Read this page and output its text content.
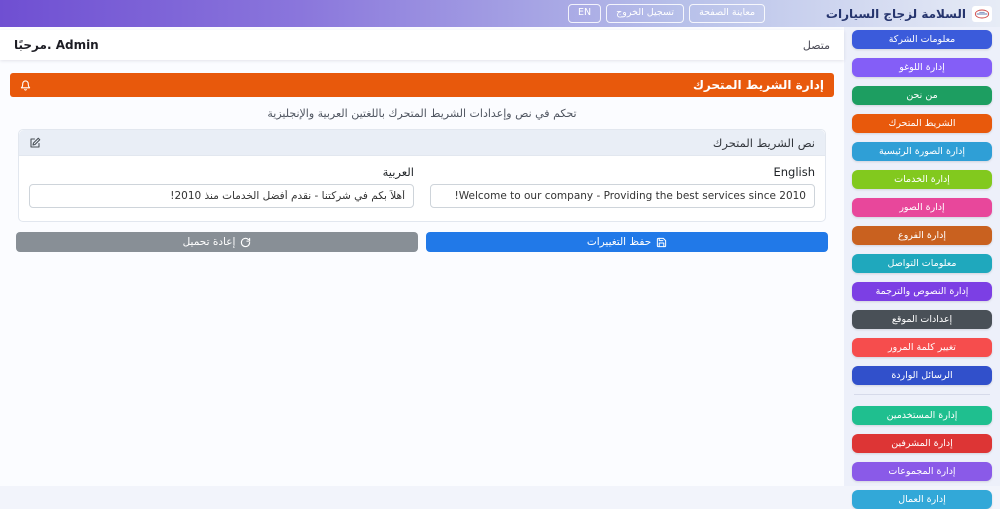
السلامة لزجاج السيارات
معاينة الصفحة
تسجيل الخروج
EN
معلومات الشركة
إدارة اللوغو
من نحن
الشريط المتحرك
إدارة الصورة الرئيسية
إدارة الخدمات
إدارة الصور
إدارة الفروع
معلومات التواصل
إدارة النصوص والترجمة
إعدادات الموقع
تغيير كلمة المرور
الرسائل الواردة
إدارة المستخدمين
إدارة المشرفين
إدارة المجموعات
إدارة العمال
متصل
مرحبًا. Admin
إدارة الشريط المتحرك

تحكم في نص وإعدادات الشريط المتحرك باللغتين العربية والإنجليزية

نص الشريط المتحرك
English
Welcome to our company - Providing the best services since 2010!
العربية
أهلاً بكم في شركتنا - نقدم أفضل الخدمات منذ 2010!
حفظ التغييرات
إعادة تحميل
